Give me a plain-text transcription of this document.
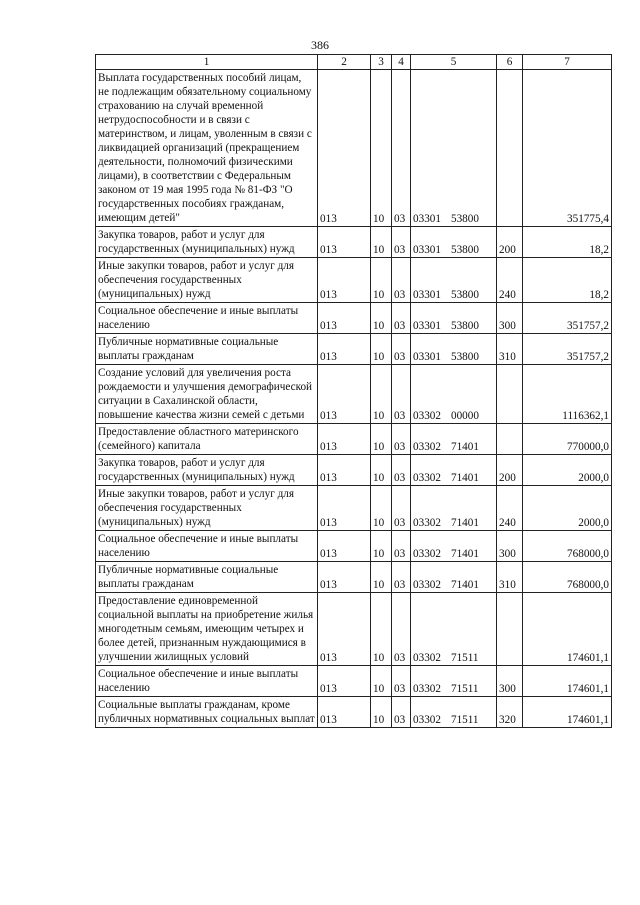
386
1	2	3	4	5	6	7
Выплата государственных пособий лицам, не подлежащим обязательному социальному страхованию на случай временной нетрудоспособности и в связи с материнством, и лицам, уволенным в связи с ликвидацией организаций (прекращением деятельности, полномочий физическими лицами), в соответствии с Федеральным законом от 19 мая 1995 года № 81-ФЗ "О государственных пособиях гражданам, имеющим детей"	013	10	03	03301 53800		351775,4
Закупка товаров, работ и услуг для государственных (муниципальных) нужд	013	10	03	03301 53800	200	18,2
Иные закупки товаров, работ и услуг для обеспечения государственных (муниципальных) нужд	013	10	03	03301 53800	240	18,2
Социальное обеспечение и иные выплаты населению	013	10	03	03301 53800	300	351757,2
Публичные нормативные социальные выплаты гражданам	013	10	03	03301 53800	310	351757,2
Создание условий для увеличения роста рождаемости и улучшения демографической ситуации в Сахалинской области, повышение качества жизни семей с детьми	013	10	03	03302 00000		1116362,1
Предоставление областного материнского (семейного) капитала	013	10	03	03302 71401		770000,0
Закупка товаров, работ и услуг для государственных (муниципальных) нужд	013	10	03	03302 71401	200	2000,0
Иные закупки товаров, работ и услуг для обеспечения государственных (муниципальных) нужд	013	10	03	03302 71401	240	2000,0
Социальное обеспечение и иные выплаты населению	013	10	03	03302 71401	300	768000,0
Публичные нормативные социальные выплаты гражданам	013	10	03	03302 71401	310	768000,0
Предоставление единовременной социальной выплаты на приобретение жилья многодетным семьям, имеющим четырех и более детей, признанным нуждающимися в улучшении жилищных условий	013	10	03	03302 71511		174601,1
Социальное обеспечение и иные выплаты населению	013	10	03	03302 71511	300	174601,1
Социальные выплаты гражданам, кроме публичных нормативных социальных выплат	013	10	03	03302 71511	320	174601,1
